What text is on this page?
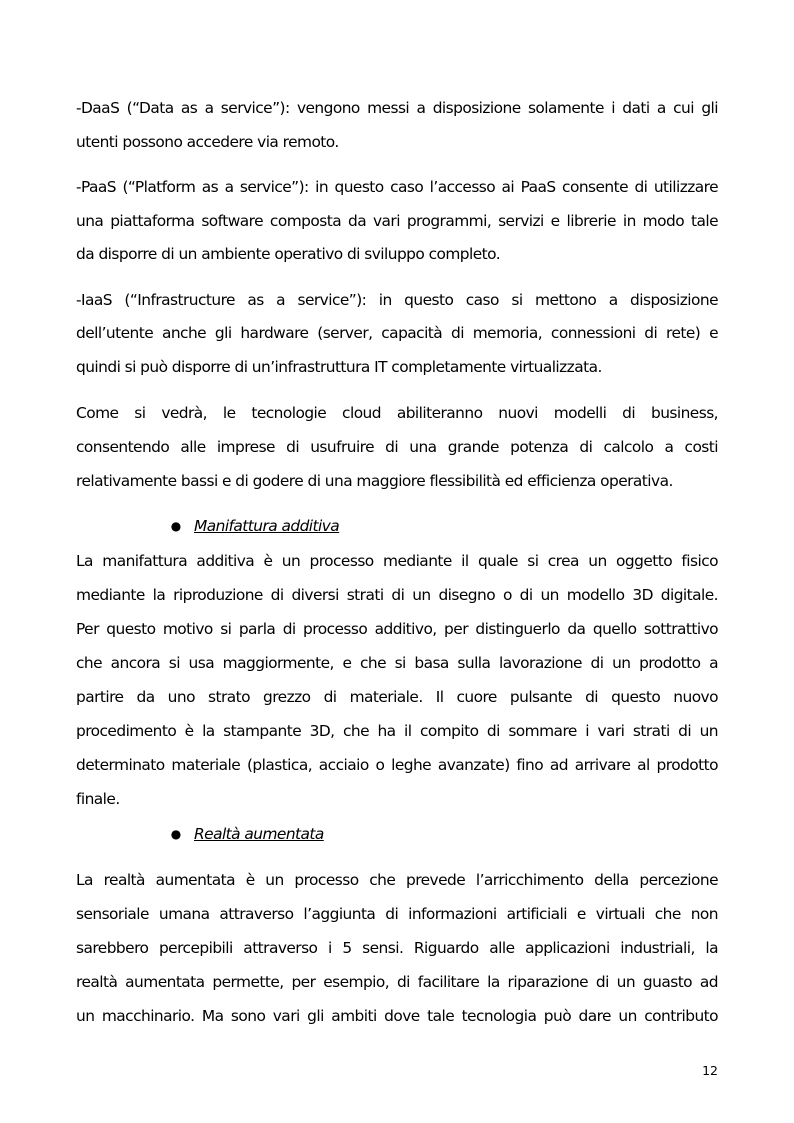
-DaaS (“Data as a service”): vengono messi a disposizione solamente i dati a cui gli
utenti possono accedere via remoto.
-PaaS (“Platform as a service”): in questo caso l’accesso ai PaaS consente di utilizzare
una piattaforma software composta da vari programmi, servizi e librerie in modo tale
da disporre di un ambiente operativo di sviluppo completo.
-IaaS (“Infrastructure as a service”): in questo caso si mettono a disposizione
dell’utente anche gli hardware (server, capacità di memoria, connessioni di rete) e
quindi si può disporre di un’infrastruttura IT completamente virtualizzata.
Come si vedrà, le tecnologie cloud abiliteranno nuovi modelli di business,
consentendo alle imprese di usufruire di una grande potenza di calcolo a costi
relativamente bassi e di godere di una maggiore flessibilità ed efficienza operativa.
● Manifattura additiva
La manifattura additiva è un processo mediante il quale si crea un oggetto fisico
mediante la riproduzione di diversi strati di un disegno o di un modello 3D digitale.
Per questo motivo si parla di processo additivo, per distinguerlo da quello sottrattivo
che ancora si usa maggiormente, e che si basa sulla lavorazione di un prodotto a
partire da uno strato grezzo di materiale. Il cuore pulsante di questo nuovo
procedimento è la stampante 3D, che ha il compito di sommare i vari strati di un
determinato materiale (plastica, acciaio o leghe avanzate) fino ad arrivare al prodotto
finale.
● Realtà aumentata
La realtà aumentata è un processo che prevede l’arricchimento della percezione
sensoriale umana attraverso l’aggiunta di informazioni artificiali e virtuali che non
sarebbero percepibili attraverso i 5 sensi. Riguardo alle applicazioni industriali, la
realtà aumentata permette, per esempio, di facilitare la riparazione di un guasto ad
un macchinario. Ma sono vari gli ambiti dove tale tecnologia può dare un contributo
12
